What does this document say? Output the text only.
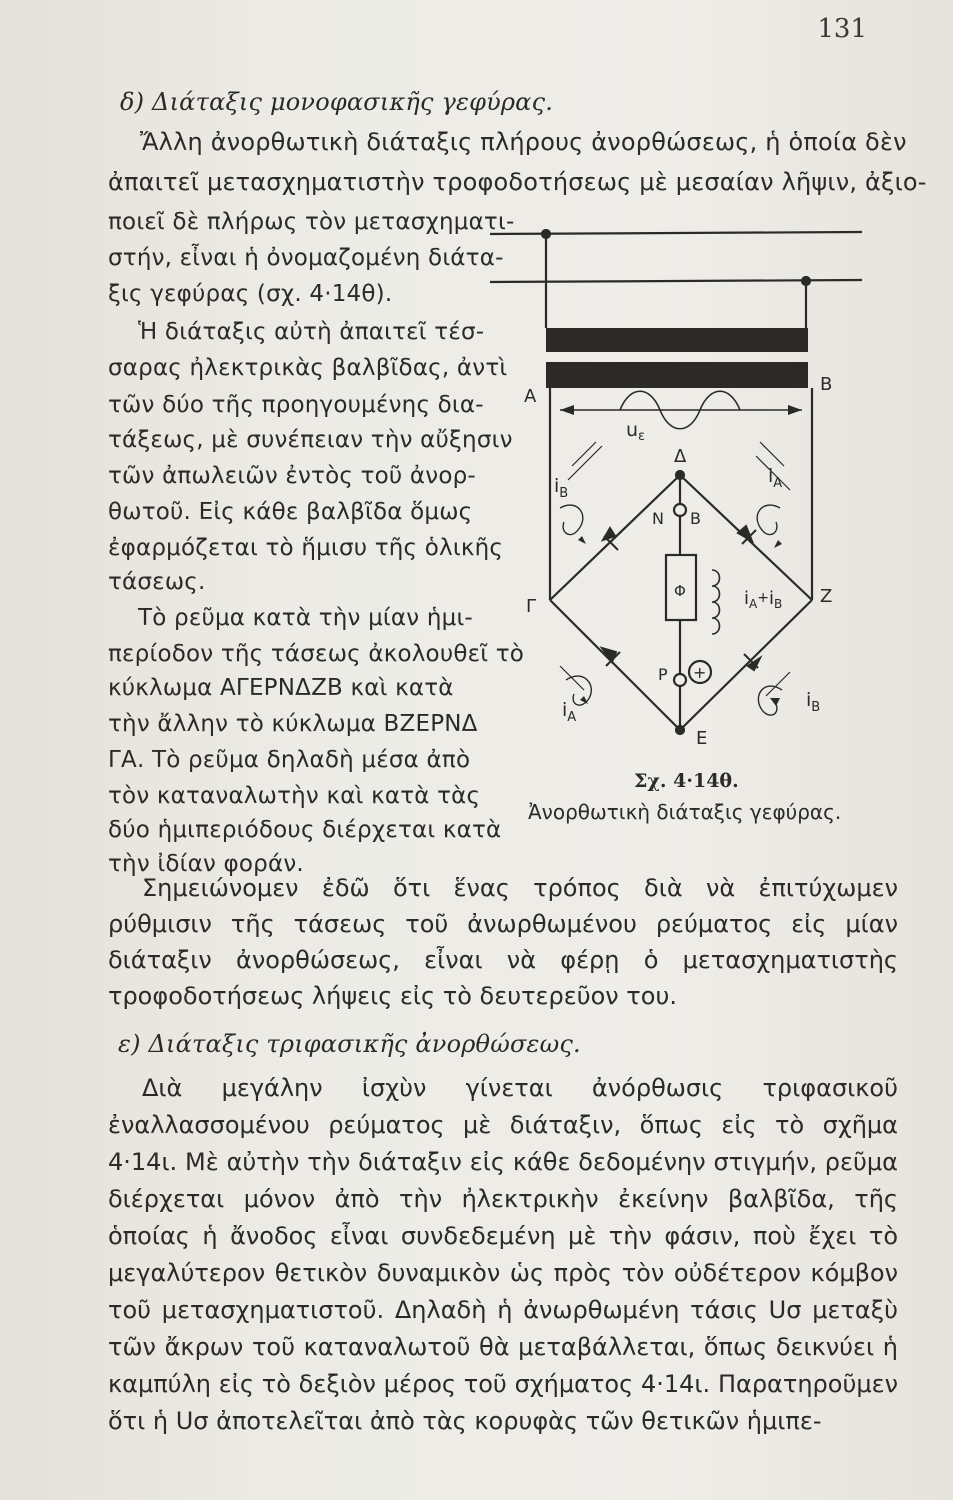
131
δ) Διάταξις μονοφασικῆς γεφύρας.
Ἄλλη ἀνορθωτικὴ διάταξις πλήρους ἀνορθώσεως, ἡ ὁποία δὲν
ἀπαιτεῖ μετασχηματιστὴν τροφοδοτήσεως μὲ μεσαίαν λῆψιν, ἀξιο-
ποιεῖ δὲ πλήρως τὸν μετασχηματι-
στήν, εἶναι ἡ ὀνομαζομένη διάτα-
ξις γεφύρας (σχ. 4·14θ).
Ἡ διάταξις αὐτὴ ἀπαιτεῖ τέσ-
σαρας ἠλεκτρικὰς βαλβῖδας, ἀντὶ
τῶν δύο τῆς προηγουμένης δια-
τάξεως, μὲ συνέπειαν τὴν αὔξησιν
τῶν ἀπωλειῶν ἐντὸς τοῦ ἀνορ-
θωτοῦ. Εἰς κάθε βαλβῖδα ὅμως
ἐφαρμόζεται τὸ ἥμισυ τῆς ὁλικῆς
τάσεως.
Τὸ ρεῦμα κατὰ τὴν μίαν ἡμι-
περίοδον τῆς τάσεως ἀκολουθεῖ τὸ
κύκλωμα ΑΓΕΡΝΔΖΒ καὶ κατὰ
τὴν ἄλλην τὸ κύκλωμα ΒΖΕΡΝΔ
ΓΑ. Τὸ ρεῦμα δηλαδὴ μέσα ἀπὸ
τὸν καταναλωτὴν καὶ κατὰ τὰς
δύο ἡμιπεριόδους διέρχεται κατὰ
τὴν ἰδίαν φοράν.
A
B
$u_\varepsilon$
Δ
$i_B$
$i_A$
N B
Γ	Z
Φ	$i_A^+i_B$
P +
$i_A$
$i_B$
E
Σχ. 4·14θ.
Ἀνορθωτικὴ διάταξις γεφύρας.

Σημειώνομεν ἐδῶ ὅτι ἕνας τρόπος διὰ νὰ ἐπιτύχωμεν ρύθμισιν τῆς τάσεως τοῦ ἀνωρθωμένου ρεύματος εἰς μίαν διάταξιν ἀνορθώσεως, εἶναι νὰ φέρῃ ὁ μετασχηματιστὴς τροφοδοτήσεως λήψεις εἰς τὸ δευτερεῦον του.

ε) Διάταξις τριφασικῆς ἀνορθώσεως.

Διὰ μεγάλην ἰσχὺν γίνεται ἀνόρθωσις τριφασικοῦ ἐναλλασσομένου ρεύματος μὲ διάταξιν, ὅπως εἰς τὸ σχῆμα 4·14ι. Μὲ αὐτὴν τὴν διάταξιν εἰς κάθε δεδομένην στιγμήν, ρεῦμα διέρχεται μόνον ἀπὸ τὴν ἠλεκτρικὴν ἐκείνην βαλβῖδα, τῆς ὁποίας ἡ ἄνοδος εἶναι συνδεδεμένη μὲ τὴν φάσιν, ποὺ ἔχει τὸ μεγαλύτερον θετικὸν δυναμικὸν ὡς πρὸς τὸν οὐδέτερον κόμβον τοῦ μετασχηματιστοῦ. Δηλαδὴ ἡ ἀνωρθωμένη τάσις Uσ μεταξὺ τῶν ἄκρων τοῦ καταναλωτοῦ θὰ μεταβάλλεται, ὅπως δεικνύει ἡ καμπύλη εἰς τὸ δεξιὸν μέρος τοῦ σχήματος 4·14ι. Παρατηροῦμεν ὅτι ἡ Uσ ἀποτελεῖται ἀπὸ τὰς κορυφὰς τῶν θετικῶν ἡμιπε-
